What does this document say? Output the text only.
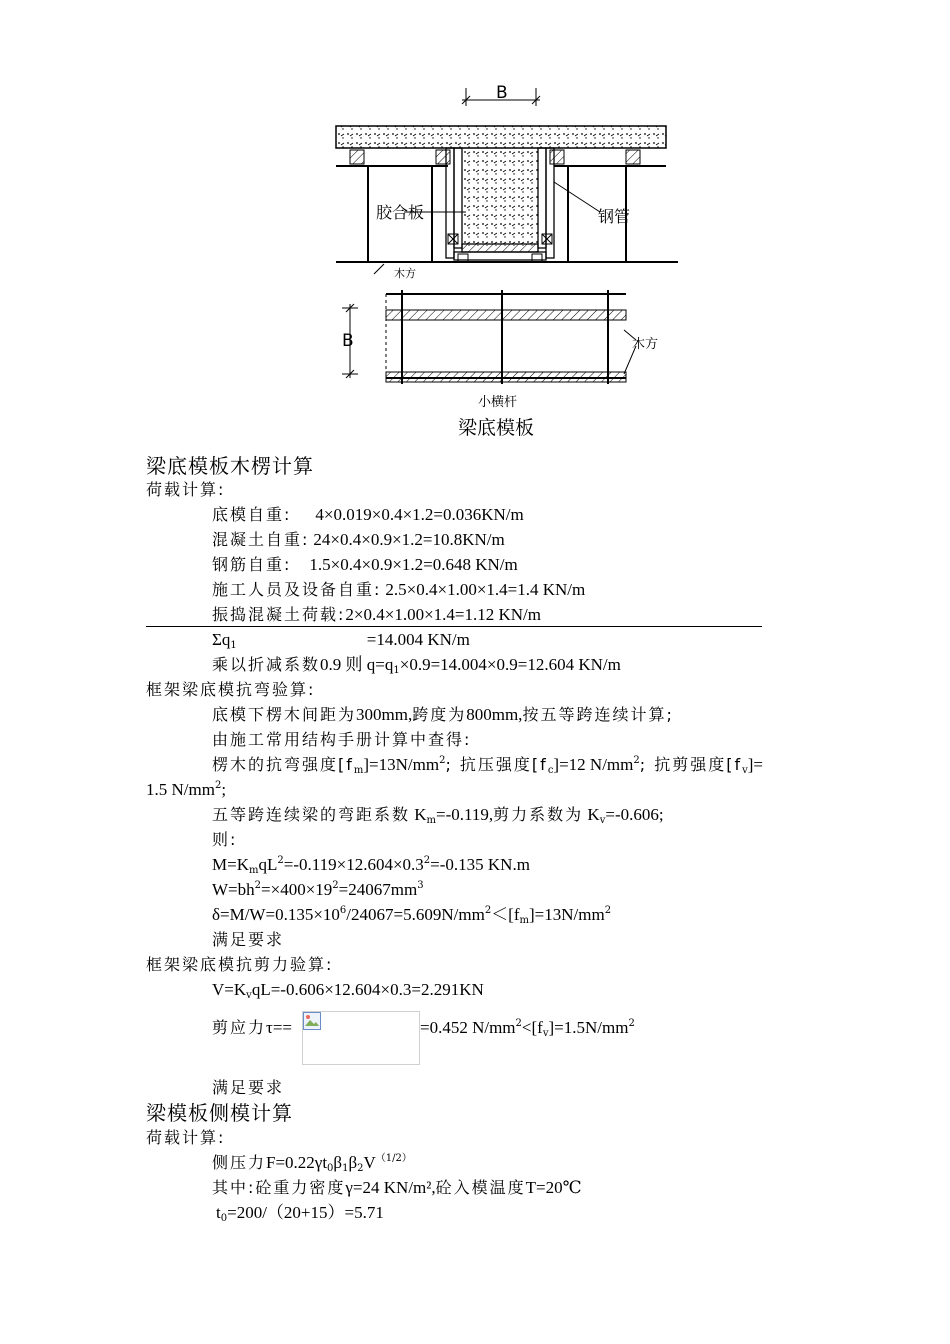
B
胶合板	钢管
木方
B	木方
小横杆
梁底模板
梁底模板木楞计算
荷载计算:
底模自重: 4×0.019×0.4×1.2=0.036KN/m
混凝土自重: 24×0.4×0.9×1.2=10.8KN/m
钢筋自重: 1.5×0.4×0.9×1.2=0.648 KN/m
施工人员及设备自重: 2.5×0.4×1.00×1.4=1.4 KN/m
振捣混凝土荷载:2×0.4×1.00×1.4=1.12 KN/m
$\Sigma q_1$	=14.004 KN/m
乘以折减系数0.9 则 $q=q_1\times 0.9=14.004\times 0.9=12.604$ KN/m
框架梁底模抗弯验算:
底模下楞木间距为300mm,跨度为800mm,按五等跨连续计算;
由施工常用结构手册计算中查得:
楞木的抗弯强度$[f_m]=13N/mm^2$; 抗压强度$[f_c]=12$ $N/mm^2$; 抗剪强度$[f_v]=$
1.5 $N/mm^2$;
五等跨连续梁的弯距系数 $K_m=-0.119$,剪力系数为 $K_v=-0.606$;
则:
$M=K_mqL^2=-0.119\times 12.604\times 0.3^2=-0.135$ KN.m
$W=bh^2=\times 400\times 19^2=24067mm^3$
$\delta=M/W=0.135\times 10^6/24067=5.609N/mm^2<[f_m]=13N/mm^2$
满足要求
框架梁底模抗剪力验算:
$V=K_vqL=-0.606\times 12.604\times 0.3=2.291KN$
剪应力τ==	=0.452 $N/mm^2<[f_v]=1.5N/mm^2$
满足要求
梁模板侧模计算
荷载计算:
侧压力$F=0.22\gamma t_0\beta_1\beta_2V^{(1/2)}$
其中:砼重力密度γ=24 KN/m²,砼入模温度T=20℃
$t_0=200/(20+15)=5.71$
